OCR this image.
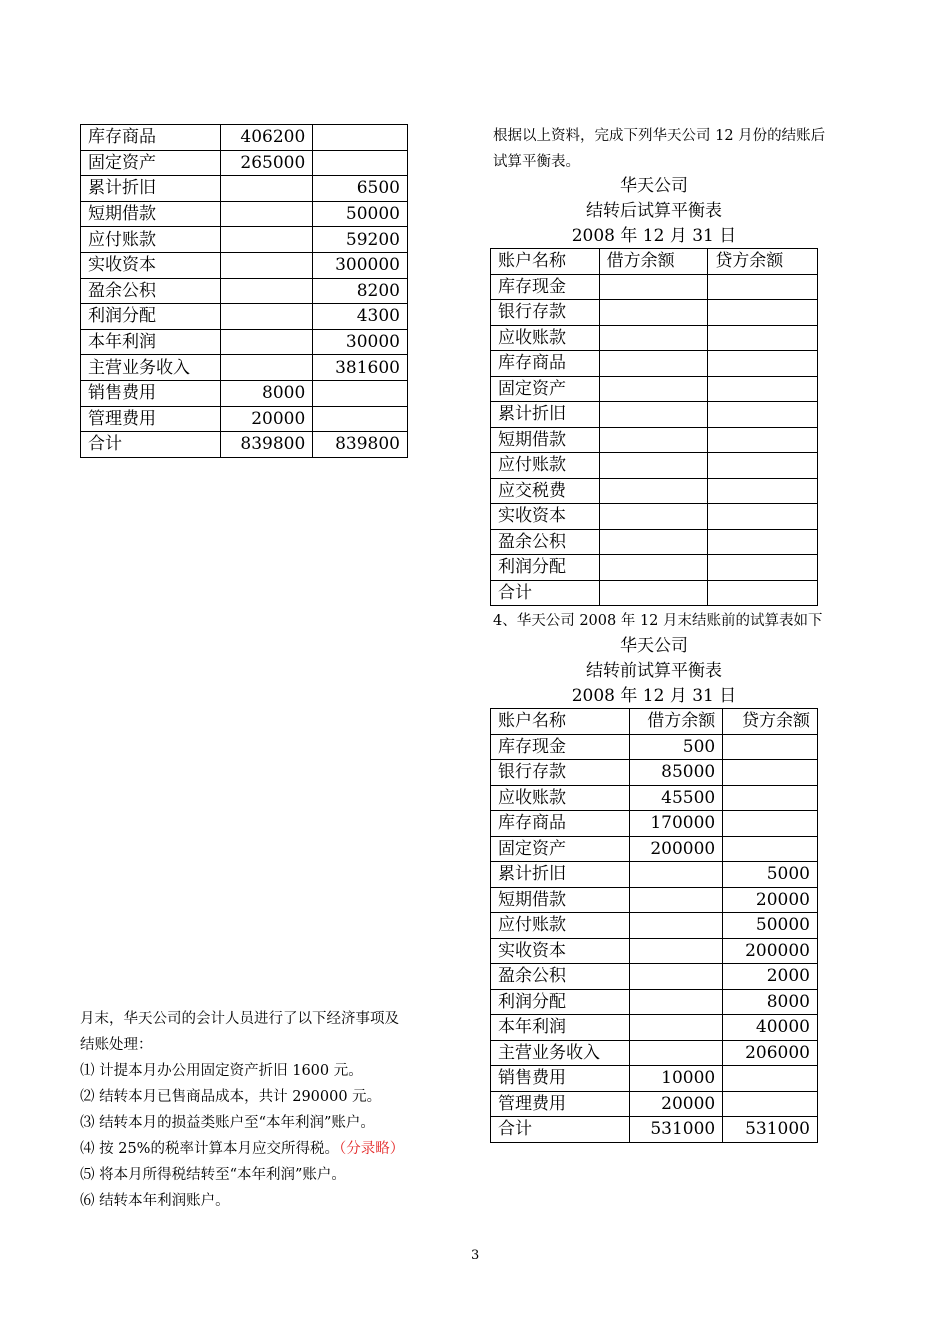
库存商品	406200	
固定资产	265000	
累计折旧		6500
短期借款		50000
应付账款		59200
实收资本		300000
盈余公积		8200
利润分配		4300
本年利润		30000
主营业务收入		381600
销售费用	8000	
管理费用	20000	
合计	839800	839800
月末，华天公司的会计人员进行了以下经济事项及
结账处理：
⑴ 计提本月办公用固定资产折旧 1600 元。
⑵ 结转本月已售商品成本，共计 290000 元。
⑶ 结转本月的损益类账户至“本年利润”账户。
⑷ 按 25%的税率计算本月应交所得税。（分录略）
⑸ 将本月所得税结转至“本年利润”账户。
⑹ 结转本年利润账户。
根据以上资料，完成下列华天公司 12 月份的结账后
试算平衡表。
华天公司
结转后试算平衡表
2008 年 12 月 31 日
账户名称	借方余额	贷方余额
库存现金		
银行存款		
应收账款		
库存商品		
固定资产		
累计折旧		
短期借款		
应付账款		
应交税费		
实收资本		
盈余公积		
利润分配		
合计		
4、华天公司 2008 年 12 月末结账前的试算表如下
华天公司
结转前试算平衡表
2008 年 12 月 31 日
账户名称	借方余额	贷方余额
库存现金	500	
银行存款	85000	
应收账款	45500	
库存商品	170000	
固定资产	200000	
累计折旧		5000
短期借款		20000
应付账款		50000
实收资本		200000
盈余公积		2000
利润分配		8000
本年利润		40000
主营业务收入		206000
销售费用	10000	
管理费用	20000	
合计	531000	531000
3
